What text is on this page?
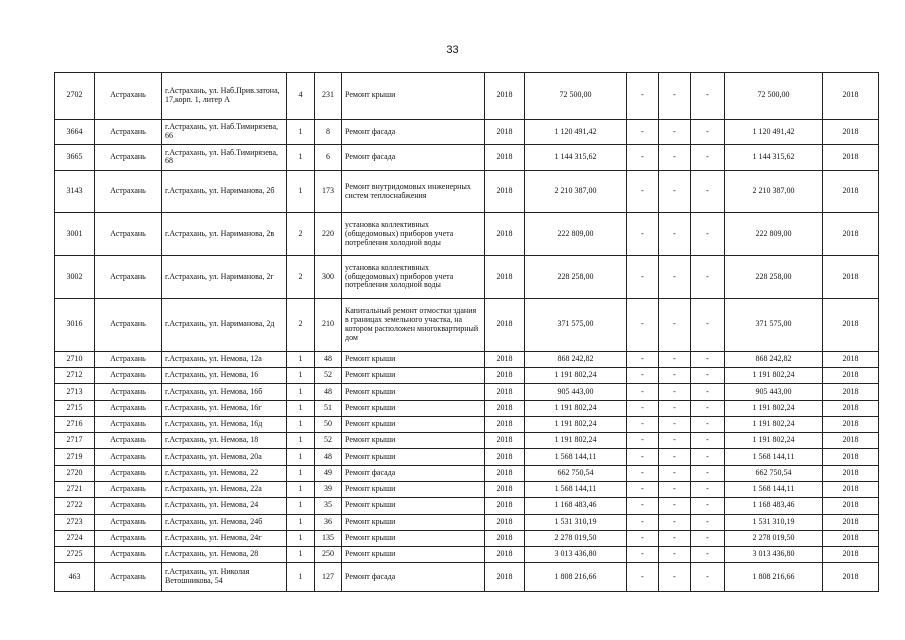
33
2702	Астрахань	г.Астрахань, ул. Наб.Прив.затона, 17,корп. 1, литер А	4	231	Ремонт крыши	2018	72 500,00	-	-	-	72 500,00	2018
3664	Астрахань	г.Астрахань, ул. Наб.Тимирязева, 66	1	8	Ремонт фасада	2018	1 120 491,42	-	-	-	1 120 491,42	2018
3665	Астрахань	г.Астрахань, ул. Наб.Тимирязева, 68	1	6	Ремонт фасада	2018	1 144 315,62	-	-	-	1 144 315,62	2018
3143	Астрахань	г.Астрахань, ул. Нариманова, 2б	1	173	Ремонт внутридомовых инженерных систем теплоснабжения	2018	2 210 387,00	-	-	-	2 210 387,00	2018
3001	Астрахань	г.Астрахань, ул. Нариманова, 2в	2	220	установка коллективных (общедомовых) приборов учета потребления холодной воды	2018	222 809,00	-	-	-	222 809,00	2018
3002	Астрахань	г.Астрахань, ул. Нариманова, 2г	2	300	установка коллективных (общедомовых) приборов учета потребления холодной воды	2018	228 258,00	-	-	-	228 258,00	2018
3016	Астрахань	г.Астрахань, ул. Нариманова, 2д	2	210	Капитальный ремонт отмостки здания в границах земельного участка, на котором расположен многоквартирный дом	2018	371 575,00	-	-	-	371 575,00	2018
2710	Астрахань	г.Астрахань, ул. Немова, 12а	1	48	Ремонт крыши	2018	868 242,82	-	-	-	868 242,82	2018
2712	Астрахань	г.Астрахань, ул. Немова, 16	1	52	Ремонт крыши	2018	1 191 802,24	-	-	-	1 191 802,24	2018
2713	Астрахань	г.Астрахань, ул. Немова, 16б	1	48	Ремонт крыши	2018	905 443,00	-	-	-	905 443,00	2018
2715	Астрахань	г.Астрахань, ул. Немова, 16г	1	51	Ремонт крыши	2018	1 191 802,24	-	-	-	1 191 802,24	2018
2716	Астрахань	г.Астрахань, ул. Немова, 16д	1	50	Ремонт крыши	2018	1 191 802,24	-	-	-	1 191 802,24	2018
2717	Астрахань	г.Астрахань, ул. Немова, 18	1	52	Ремонт крыши	2018	1 191 802,24	-	-	-	1 191 802,24	2018
2719	Астрахань	г.Астрахань, ул. Немова, 20а	1	48	Ремонт крыши	2018	1 568 144,11	-	-	-	1 568 144,11	2018
2720	Астрахань	г.Астрахань, ул. Немова, 22	1	49	Ремонт фасада	2018	662 750,54	-	-	-	662 750,54	2018
2721	Астрахань	г.Астрахань, ул. Немова, 22а	1	39	Ремонт крыши	2018	1 568 144,11	-	-	-	1 568 144,11	2018
2722	Астрахань	г.Астрахань, ул. Немова, 24	1	35	Ремонт крыши	2018	1 168 483,46	-	-	-	1 168 483,46	2018
2723	Астрахань	г.Астрахань, ул. Немова, 24б	1	36	Ремонт крыши	2018	1 531 310,19	-	-	-	1 531 310,19	2018
2724	Астрахань	г.Астрахань, ул. Немова, 24г	1	135	Ремонт крыши	2018	2 278 019,50	-	-	-	2 278 019,50	2018
2725	Астрахань	г.Астрахань, ул. Немова, 28	1	250	Ремонт крыши	2018	3 013 436,80	-	-	-	3 013 436,80	2018
463	Астрахань	г.Астрахань, ул. Николая Ветошникова, 54	1	127	Ремонт фасада	2018	1 808 216,66	-	-	-	1 808 216,66	2018
